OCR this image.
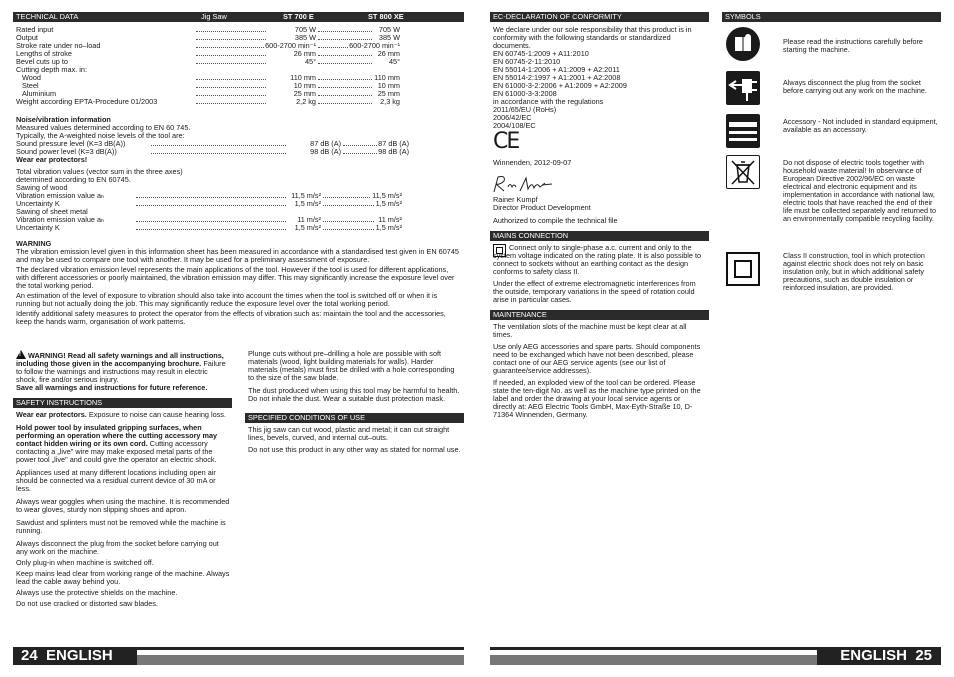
TECHNICAL DATA	Jig Saw	ST 700 E	ST 800 XE
Rated input	705 W	705 W
Output	385 W	385 W
Stroke rate under no–load	600-2700 min⁻¹	600-2700 min⁻¹
Lengths of stroke	26 mm	26 mm
Bevel cuts up to	45°	45°
Cutting depth max. in:
Wood	110 mm	110 mm
Steel	10 mm	10 mm
Aluminium	25 mm	25 mm
Weight according EPTA-Procedure 01/2003	2,2 kg	2,3 kg
Noise/vibration information
Measured values determined according to EN 60 745.
Typically, the A-weighted noise levels of the tool are:
Sound pressure level (K=3 dB(A))	87 dB (A)	87 dB (A)
Sound power level (K=3 dB(A))	98 dB (A)	98 dB (A)
Wear ear protectors!
Total vibration values (vector sum in the three axes)
determined according to EN 60745.
Sawing of wood
Vibration emission value aₕ	11,5 m/s²	11,5 m/s²
Uncertainty K	1,5 m/s²	1,5 m/s²
Sawing of sheet metal
Vibration emission value aₕ	11 m/s²	11 m/s²
Uncertainty K	1,5 m/s²	1,5 m/s²
WARNING
The vibration emission level given in this information sheet has been measured in accordance with a standardised test given in EN 60745 and may be used to compare one tool with another. It may be used for a preliminary assessment of exposure.
The declared vibration emission level represents the main applications of the tool. However if the tool is used for different applications, with different accessories or poorly maintained, the vibration emission may differ. This may significantly increase the exposure level over the total working period.
An estimation of the level of exposure to vibration should also take into account the times when the tool is switched off or when it is running but not actually doing the job. This may significantly reduce the exposure level over the total working period.
Identify additional safety measures to protect the operator from the effects of vibration such as: maintain the tool and the accessories, keep the hands warm, organisation of work patterns.
!WARNING! Read all safety warnings and all instructions, including those given in the accompanying brochure. Failure to follow the warnings and instructions may result in electric shock, fire and/or serious injury.
Save all warnings and instructions for future reference.
SAFETY INSTRUCTIONS
Wear ear protectors. Exposure to noise can cause hearing loss.
Hold power tool by insulated gripping surfaces, when performing an operation where the cutting accessory may contact hidden wiring or its own cord. Cutting accessory contacting a „live" wire may make exposed metal parts of the power tool „live" and could give the operator an electric shock.
Appliances used at many different locations including open air should be connected via a residual current device of 30 mA or less.
Always wear goggles when using the machine. It is recommended to wear gloves, sturdy non slipping shoes and apron.
Sawdust and splinters must not be removed while the machine is running.
Always disconnect the plug from the socket before carrying out any work on the machine.
Only plug-in when machine is switched off.
Keep mains lead clear from working range of the machine. Always lead the cable away behind you.
Always use the protective shields on the machine.
Do not use cracked or distorted saw blades.
Plunge cuts without pre–drilling a hole are possible with soft materials (wood, light building materials for walls). Harder materials (metals) must first be drilled with a hole corresponding to the size of the saw blade.
The dust produced when using this tool may be harmful to health. Do not inhale the dust. Wear a suitable dust protection mask.
SPECIFIED CONDITIONS OF USE
This jig saw can cut wood, plastic and metal; it can cut straight lines, bevels, curved, and internal cut–outs.
Do not use this product in any other way as stated for normal use.
24 ENGLISH
EC-DECLARATION OF CONFORMITY
We declare under our sole responsibility that this product is in conformity with the following standards or standardized documents.
EN 60745-1:2009 + A11:2010
EN 60745-2-11:2010
EN 55014-1:2006 + A1:2009 + A2:2011
EN 55014-2:1997 + A1:2001 + A2:2008
EN 61000-3-2:2006 + A1:2009 + A2:2009
EN 61000-3-3:2008
in accordance with the regulations
2011/65/EU (RoHs)
2006/42/EC
2004/108/EC
CE
Winnenden, 2012-09-07
Rainer Kumpf
Director Product Development
Authorized to compile the technical file
MAINS CONNECTION
Connect only to single-phase a.c. current and only to the system voltage indicated on the rating plate. It is also possible to connect to sockets without an earthing contact as the design conforms to safety class II.
Under the effect of extreme electromagnetic interferences from the outside, temporary variations in the speed of rotation could arise in particular cases.
MAINTENANCE
The ventilation slots of the machine must be kept clear at all times.
Use only AEG accessories and spare parts. Should components need to be exchanged which have not been described, please contact one of our AEG service agents (see our list of guarantee/service addresses).
If needed, an exploded view of the tool can be ordered. Please state the ten-digit No. as well as the machine type printed on the label and order the drawing at your local service agents or directly at: AEG Electric Tools GmbH, Max-Eyth-Straße 10, D-71364 Winnenden, Germany.
SYMBOLS
Please read the instructions carefully before starting the machine.
Always disconnect the plug from the socket before carrying out any work on the machine.
Accessory - Not included in standard equipment, available as an accessory.
Do not dispose of electric tools together with household waste material! In observance of European Directive 2002/96/EC on waste electrical and electronic equipment and its implementation in accordance with national law, electric tools that have reached the end of their life must be collected separately and returned to an environmentally compatible recycling facility.
Class II construction, tool in which protection against electric shock does not rely on basic insulation only, but in which additional safety precautions, such as double insulation or reinforced insulation, are provided.
ENGLISH 25
